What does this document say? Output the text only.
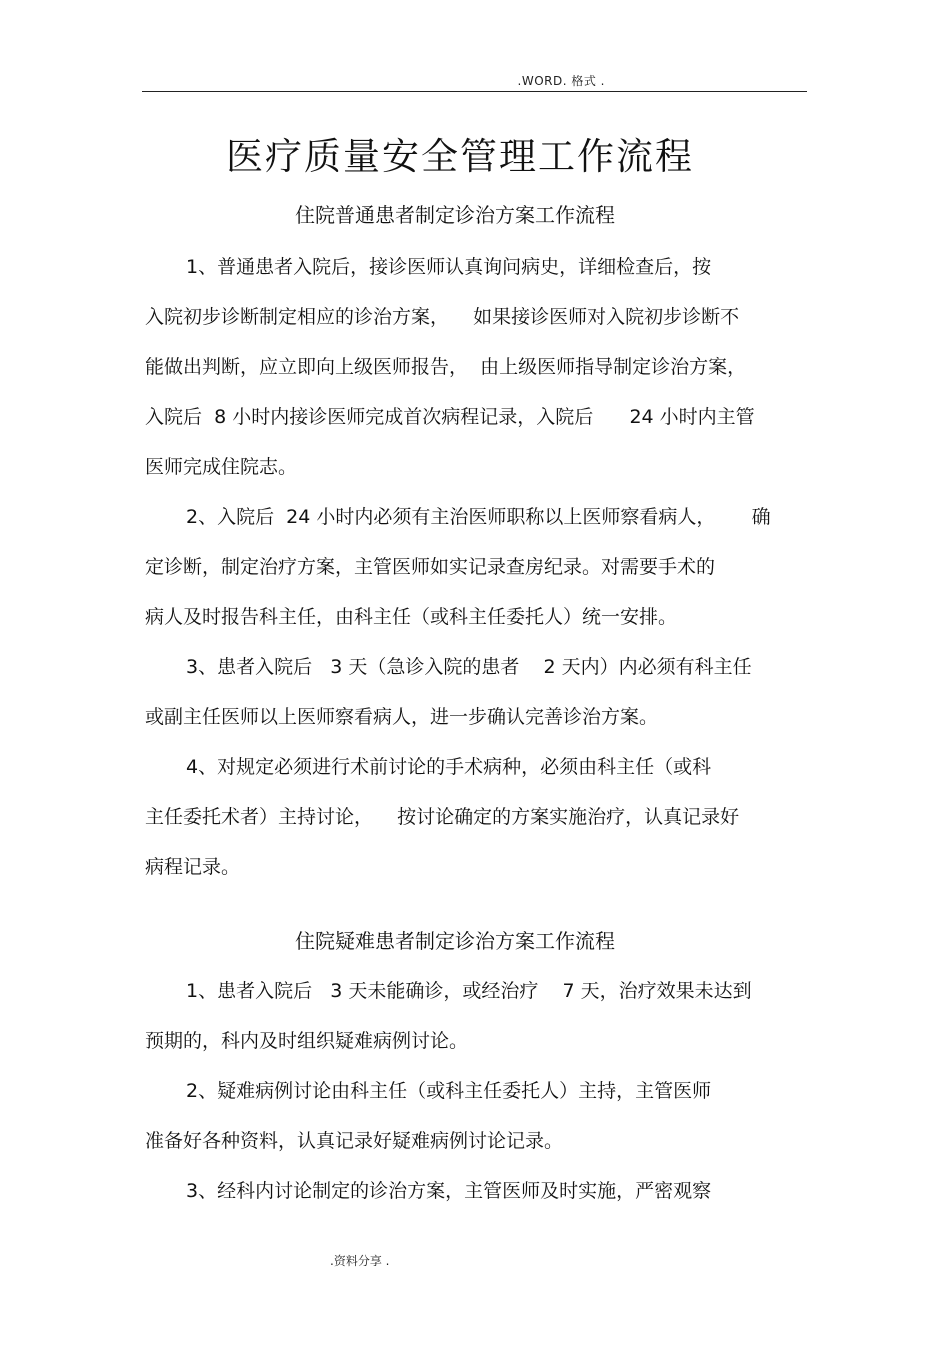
.WORD. 格式 .
医疗质量安全管理工作流程
住院普通患者制定诊治方案工作流程
1、普通患者入院后，接诊医师认真询问病史，详细检查后，按
入院初步诊断制定相应的诊治方案，    如果接诊医师对入院初步诊断不
能做出判断，应立即向上级医师报告，  由上级医师指导制定诊治方案，
入院后  8 小时内接诊医师完成首次病程记录，入院后      24 小时内主管
医师完成住院志。
2、入院后  24 小时内必须有主治医师职称以上医师察看病人，      确
定诊断，制定治疗方案，主管医师如实记录查房纪录。对需要手术的
病人及时报告科主任，由科主任（或科主任委托人）统一安排。
3、患者入院后   3 天（急诊入院的患者    2 天内）内必须有科主任
或副主任医师以上医师察看病人，进一步确认完善诊治方案。
4、对规定必须进行术前讨论的手术病种，必须由科主任（或科
主任委托术者）主持讨论，    按讨论确定的方案实施治疗，认真记录好
病程记录。
住院疑难患者制定诊治方案工作流程
1、患者入院后   3 天未能确诊，或经治疗    7 天，治疗效果未达到
预期的，科内及时组织疑难病例讨论。
2、疑难病例讨论由科主任（或科主任委托人）主持，主管医师
准备好各种资料，认真记录好疑难病例讨论记录。
3、经科内讨论制定的诊治方案，主管医师及时实施，严密观察
.资料分享 .
